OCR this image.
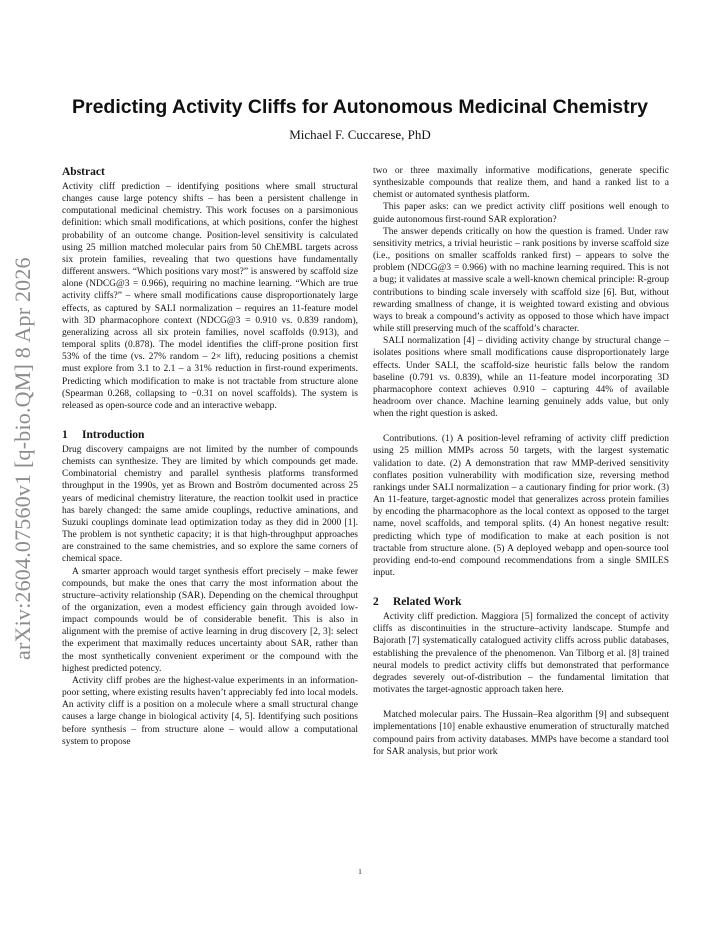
arXiv:2604.07560v1 [q-bio.QM] 8 Apr 2026
Predicting Activity Cliffs for Autonomous Medicinal Chemistry
Michael F. Cuccarese, PhD
Abstract

Activity cliff prediction – identifying positions where small structural changes cause large potency shifts – has been a persistent challenge in computational medicinal chemistry. This work focuses on a parsimonious definition: which small modifications, at which positions, confer the highest probability of an outcome change. Position-level sensitivity is calculated using 25 million matched molecular pairs from 50 ChEMBL targets across six protein families, revealing that two questions have fundamentally different answers. “Which positions vary most?” is answered by scaffold size alone (NDCG@3 = 0.966), requiring no machine learning. “Which are true activity cliffs?” – where small modifications cause disproportionately large effects, as captured by SALI normalization – requires an 11-feature model with 3D pharmacophore context (NDCG@3 = 0.910 vs. 0.839 random), generalizing across all six protein families, novel scaffolds (0.913), and temporal splits (0.878). The model identifies the cliff-prone position first 53% of the time (vs. 27% random – 2× lift), reducing positions a chemist must explore from 3.1 to 2.1 – a 31% reduction in first-round experiments. Predicting which modification to make is not tractable from structure alone (Spearman 0.268, collapsing to −0.31 on novel scaffolds). The system is released as open-source code and an interactive webapp.

1 Introduction

Drug discovery campaigns are not limited by the number of compounds chemists can synthesize. They are limited by which compounds get made. Combinatorial chemistry and parallel synthesis platforms transformed throughput in the 1990s, yet as Brown and Boström documented across 25 years of medicinal chemistry literature, the reaction toolkit used in practice has barely changed: the same amide couplings, reductive aminations, and Suzuki couplings dominate lead optimization today as they did in 2000 [1]. The problem is not synthetic capacity; it is that high-throughput approaches are constrained to the same chemistries, and so explore the same corners of chemical space.

A smarter approach would target synthesis effort precisely – make fewer compounds, but make the ones that carry the most information about the structure–activity relationship (SAR). Depending on the chemical throughput of the organization, even a modest efficiency gain through avoided low-impact compounds would be of considerable benefit. This is also in alignment with the premise of active learning in drug discovery [2, 3]: select the experiment that maximally reduces uncertainty about SAR, rather than the most synthetically convenient experiment or the compound with the highest predicted potency.

Activity cliff probes are the highest-value experiments in an information-poor setting, where existing results haven’t appreciably fed into local models. An activity cliff is a position on a molecule where a small structural change causes a large change in biological activity [4, 5]. Identifying such positions before synthesis – from structure alone – would allow a computational system to propose

two or three maximally informative modifications, generate specific synthesizable compounds that realize them, and hand a ranked list to a chemist or automated synthesis platform.

This paper asks: can we predict activity cliff positions well enough to guide autonomous first-round SAR exploration?

The answer depends critically on how the question is framed. Under raw sensitivity metrics, a trivial heuristic – rank positions by inverse scaffold size (i.e., positions on smaller scaffolds ranked first) – appears to solve the problem (NDCG@3 = 0.966) with no machine learning required. This is not a bug; it validates at massive scale a well-known chemical principle: R-group contributions to binding scale inversely with scaffold size [6]. But, without rewarding smallness of change, it is weighted toward existing and obvious ways to break a compound’s activity as opposed to those which have impact while still preserving much of the scaffold’s character.

SALI normalization [4] – dividing activity change by structural change – isolates positions where small modifications cause disproportionately large effects. Under SALI, the scaffold-size heuristic falls below the random baseline (0.791 vs. 0.839), while an 11-feature model incorporating 3D pharmacophore context achieves 0.910 – capturing 44% of available headroom over chance. Machine learning genuinely adds value, but only when the right question is asked.

Contributions. (1) A position-level reframing of activity cliff prediction using 25 million MMPs across 50 targets, with the largest systematic validation to date. (2) A demonstration that raw MMP-derived sensitivity conflates position vulnerability with modification size, reversing method rankings under SALI normalization – a cautionary finding for prior work. (3) An 11-feature, target-agnostic model that generalizes across protein families by encoding the pharmacophore as the local context as opposed to the target name, novel scaffolds, and temporal splits. (4) An honest negative result: predicting which type of modification to make at each position is not tractable from structure alone. (5) A deployed webapp and open-source tool providing end-to-end compound recommendations from a single SMILES input.

2 Related Work

Activity cliff prediction. Maggiora [5] formalized the concept of activity cliffs as discontinuities in the structure–activity landscape. Stumpfe and Bajorath [7] systematically catalogued activity cliffs across public databases, establishing the prevalence of the phenomenon. Van Tilborg et al. [8] trained neural models to predict activity cliffs but demonstrated that performance degrades severely out-of-distribution – the fundamental limitation that motivates the target-agnostic approach taken here.

Matched molecular pairs. The Hussain–Rea algorithm [9] and subsequent implementations [10] enable exhaustive enumeration of structurally matched compound pairs from activity databases. MMPs have become a standard tool for SAR analysis, but prior work

1
